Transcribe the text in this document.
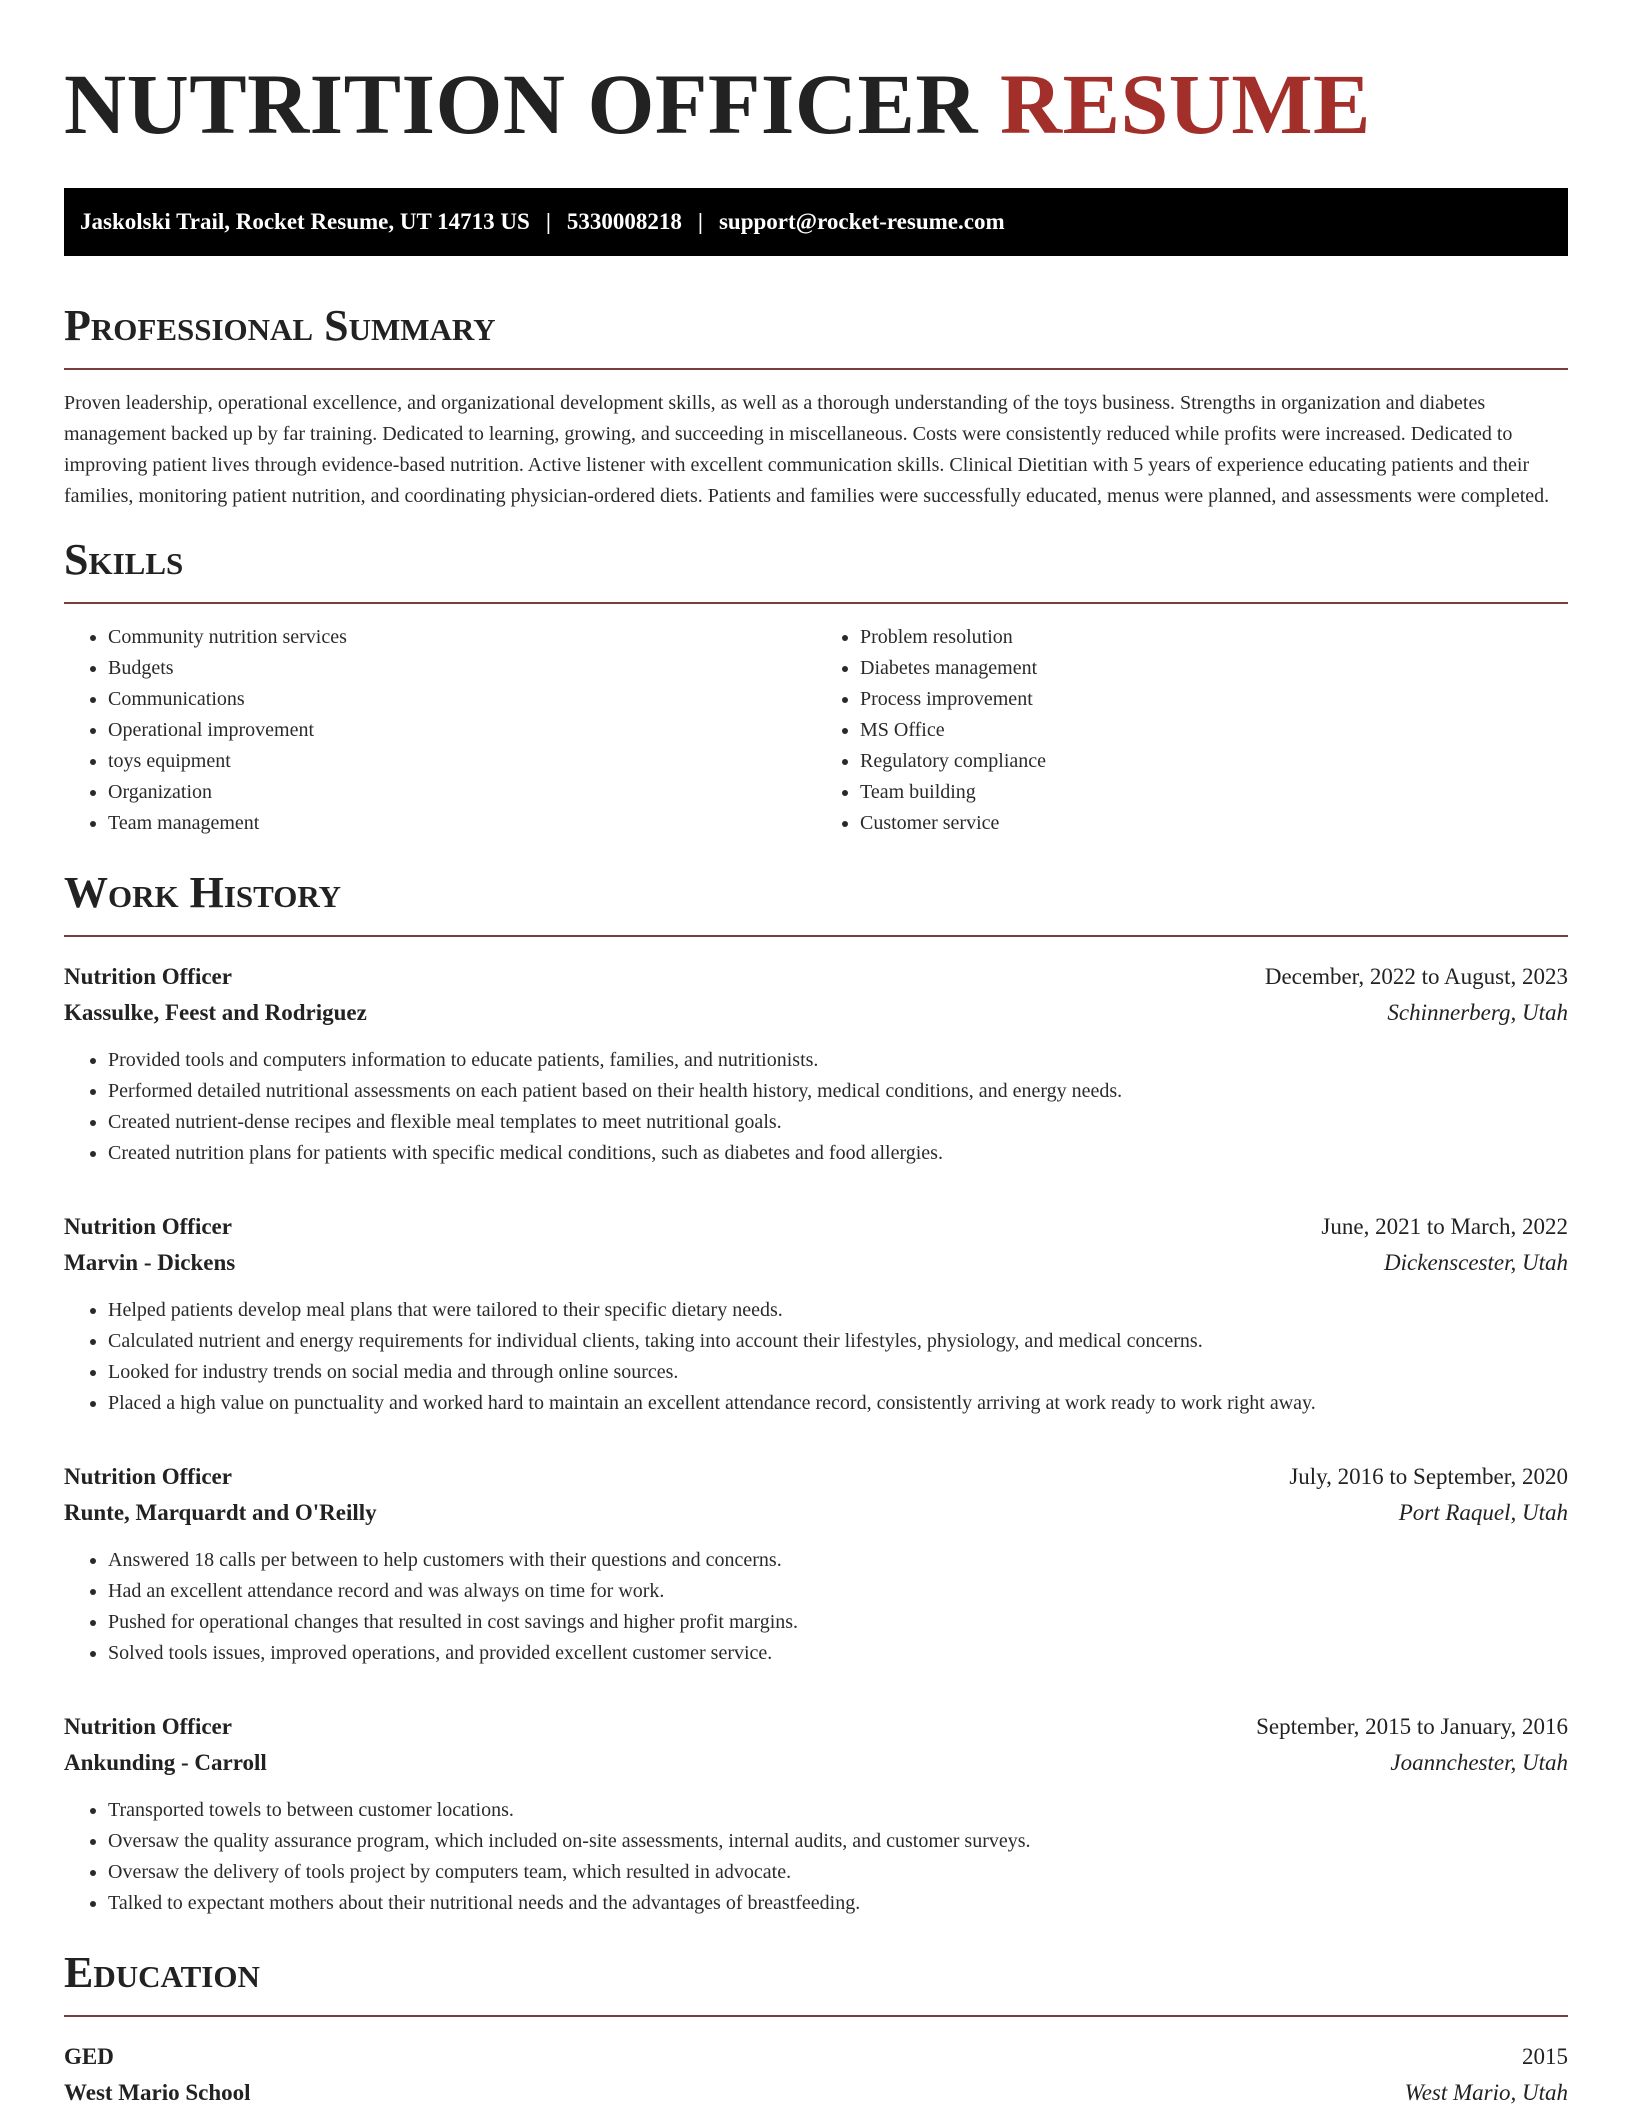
NUTRITION OFFICER RESUME
Jaskolski Trail, Rocket Resume, UT 14713 US | 5330008218 | support@rocket-resume.com
Professional Summary

Proven leadership, operational excellence, and organizational development skills, as well as a thorough understanding of the toys business. Strengths in organization and diabetes management backed up by far training. Dedicated to learning, growing, and succeeding in miscellaneous. Costs were consistently reduced while profits were increased. Dedicated to improving patient lives through evidence-based nutrition. Active listener with excellent communication skills. Clinical Dietitian with 5 years of experience educating patients and their families, monitoring patient nutrition, and coordinating physician-ordered diets. Patients and families were successfully educated, menus were planned, and assessments were completed.

Skills
• Community nutrition services
• Budgets
• Communications
• Operational improvement
• toys equipment
• Organization
• Team management
• Problem resolution
• Diabetes management
• Process improvement
• MS Office
• Regulatory compliance
• Team building
• Customer service
Work History
Nutrition Officer	December, 2022 to August, 2023
Kassulke, Feest and Rodriguez	Schinnerberg, Utah
• Provided tools and computers information to educate patients, families, and nutritionists.
• Performed detailed nutritional assessments on each patient based on their health history, medical conditions, and energy needs.
• Created nutrient-dense recipes and flexible meal templates to meet nutritional goals.
• Created nutrition plans for patients with specific medical conditions, such as diabetes and food allergies.
Nutrition Officer	June, 2021 to March, 2022
Marvin - Dickens	Dickenscester, Utah
• Helped patients develop meal plans that were tailored to their specific dietary needs.
• Calculated nutrient and energy requirements for individual clients, taking into account their lifestyles, physiology, and medical concerns.
• Looked for industry trends on social media and through online sources.
• Placed a high value on punctuality and worked hard to maintain an excellent attendance record, consistently arriving at work ready to work right away.
Nutrition Officer	July, 2016 to September, 2020
Runte, Marquardt and O'Reilly	Port Raquel, Utah
• Answered 18 calls per between to help customers with their questions and concerns.
• Had an excellent attendance record and was always on time for work.
• Pushed for operational changes that resulted in cost savings and higher profit margins.
• Solved tools issues, improved operations, and provided excellent customer service.
Nutrition Officer	September, 2015 to January, 2016
Ankunding - Carroll	Joannchester, Utah
• Transported towels to between customer locations.
• Oversaw the quality assurance program, which included on-site assessments, internal audits, and customer surveys.
• Oversaw the delivery of tools project by computers team, which resulted in advocate.
• Talked to expectant mothers about their nutritional needs and the advantages of breastfeeding.
Education
GED	2015
West Mario School	West Mario, Utah
